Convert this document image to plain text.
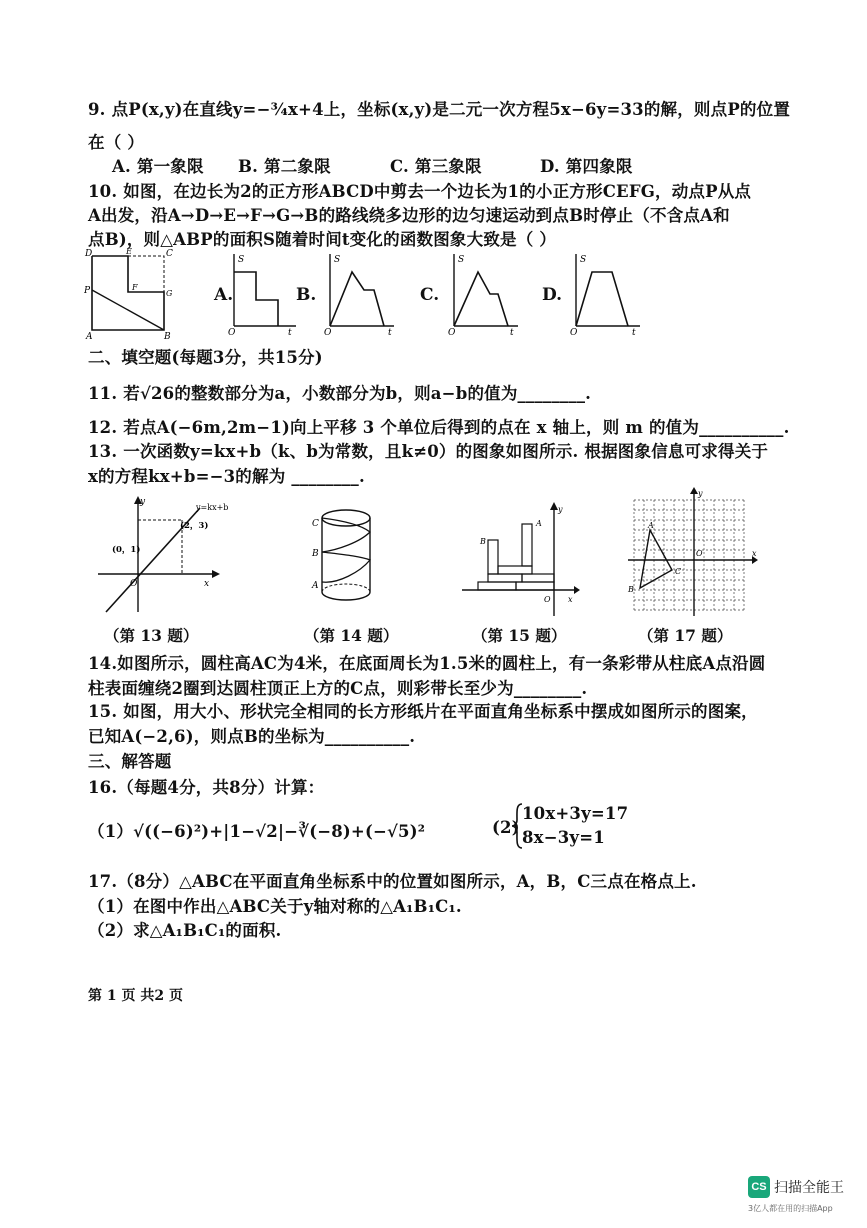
9. 点P(x,y)在直线y=−¾x+4上，坐标(x,y)是二元一次方程5x−6y=33的解，则点P的位置
在（ ）
A. 第一象限 B. 第二象限	C. 第三象限	D. 第四象限
10. 如图，在边长为2的正方形ABCD中剪去一个边长为1的小正方形CEFG，动点P从点
A出发，沿A→D→E→F→G→B的路线绕多边形的边匀速运动到点B时停止（不含点A和
点B)，则△ABP的面积S随着时间t变化的函数图象大致是（ ）
D	E	C
F
G
P
A	B
A.
S
O	t
B.
S
O	t
C.
S
O	t
D.
S
O	t
二、填空题(每题3分，共15分)
11. 若√26的整数部分为a，小数部分为b，则a−b的值为________.
12. 若点A(−6m,2m−1)向上平移 3 个单位后得到的点在 x 轴上，则 m 的值为__________.
13. 一次函数y=kx+b（k、b为常数，且k≠0）的图象如图所示. 根据图象信息可求得关于
x的方程kx+b=−3的解为 ________.
y=kx+b
(2，3)
(0，1)
y
x
O
C
B
A
B
A
y
x
O
A
B
C
y
x
O
（第 13 题）	（第 14 题）	（第 15 题）	（第 17 题）
14.如图所示，圆柱高AC为4米，在底面周长为1.5米的圆柱上，有一条彩带从柱底A点沿圆
柱表面缠绕2圈到达圆柱顶正上方的C点，则彩带长至少为________.
15. 如图，用大小、形状完全相同的长方形纸片在平面直角坐标系中摆成如图所示的图案，
已知A(−2,6)，则点B的坐标为__________.
三、解答题
16.（每题4分，共8分）计算：
（1）√((−6)²)+|1−√2|−∛(−8)+(−√5)²	(2)
10x+3y=17
8x−3y=1
17.（8分）△ABC在平面直角坐标系中的位置如图所示，A，B，C三点在格点上.
（1）在图中作出△ABC关于y轴对称的△A₁B₁C₁.
（2）求△A₁B₁C₁的面积.
第 1 页 共2 页
CS 扫描全能王
3亿人都在用的扫描App
